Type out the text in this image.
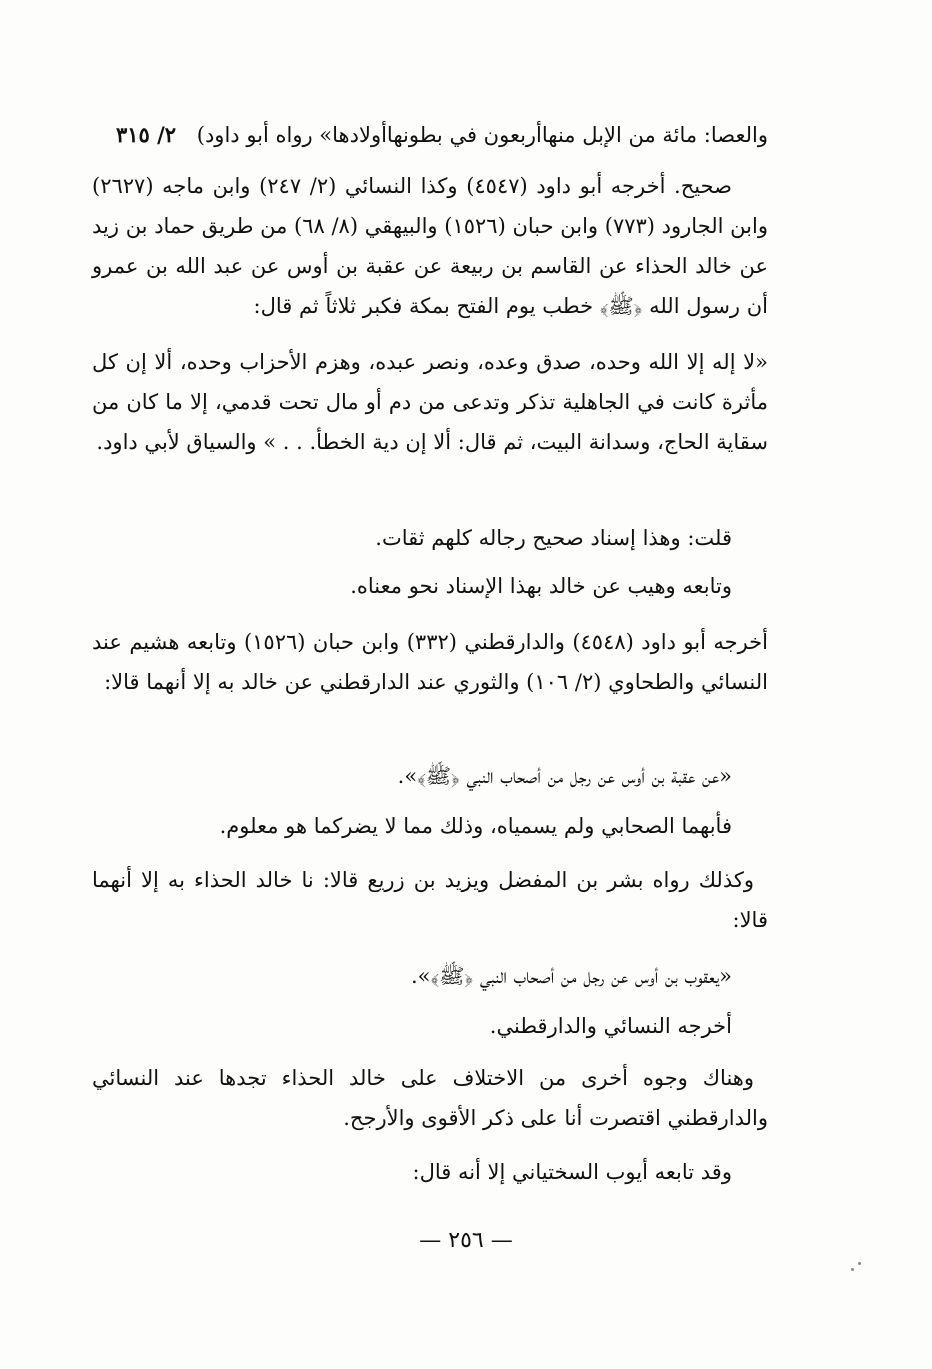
والعصا: مائة من الإبل منهاأربعون في بطونهاأولادها» رواه أبو داود) ٢/ ٣١٥
صحيح. أخرجه أبو داود (٤٥٤٧) وكذا النسائي (٢/ ٢٤٧) وابن ماجه (٢٦٢٧) وابن الجارود (٧٧٣) وابن حبان (١٥٢٦) والبيهقي (٨/ ٦٨) من طريق حماد بن زيد عن خالد الحذاء عن القاسم بن ربيعة عن عقبة بن أوس عن عبد الله بن عمرو أن رسول الله ﴿ﷺ﴾ خطب يوم الفتح بمكة فكبر ثلاثاً ثم قال:
«لا إله إلا الله وحده، صدق وعده، ونصر عبده، وهزم الأحزاب وحده، ألا إن كل مأثرة كانت في الجاهلية تذكر وتدعى من دم أو مال تحت قدمي، إلا ما كان من سقاية الحاج، وسدانة البيت، ثم قال: ألا إن دية الخطأ. . . » والسياق لأبي داود.
قلت: وهذا إسناد صحيح رجاله كلهم ثقات.
وتابعه وهيب عن خالد بهذا الإسناد نحو معناه.
أخرجه أبو داود (٤٥٤٨) والدارقطني (٣٣٢) وابن حبان (١٥٢٦) وتابعه هشيم عند النسائي والطحاوي (٢/ ١٠٦) والثوري عند الدارقطني عن خالد به إلا أنهما قالا:
«عن عقبة بن أوس عن رجل من أصحاب النبي ﴿ﷺ﴾».
فأبهما الصحابي ولم يسمياه، وذلك مما لا يضركما هو معلوم.
وكذلك رواه بشر بن المفضل ويزيد بن زريع قالا: نا خالد الحذاء به إلا أنهما قالا:
«يعقوب بن أوس عن رجل من أصحاب النبي ﴿ﷺ﴾».
أخرجه النسائي والدارقطني.
وهناك وجوه أخرى من الاختلاف على خالد الحذاء تجدها عند النسائي والدارقطني اقتصرت أنا على ذكر الأقوى والأرجح.
وقد تابعه أيوب السختياني إلا أنه قال:
— ٢٥٦ —
